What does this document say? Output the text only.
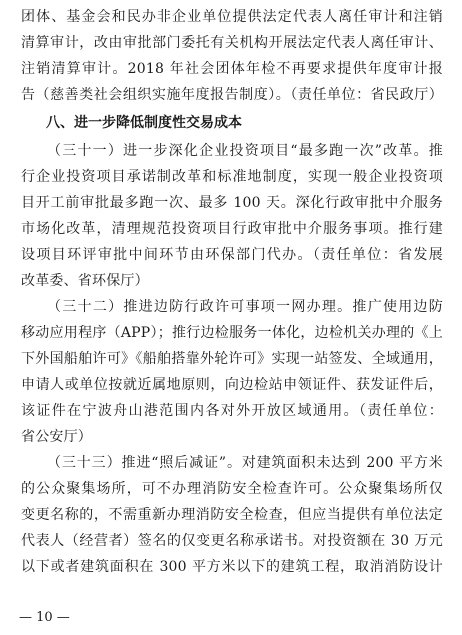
团体、基金会和民办非企业单位提供法定代表人离任审计和注销
清算审计，改由审批部门委托有关机构开展法定代表人离任审计、
注销清算审计。2018 年社会团体年检不再要求提供年度审计报
告（慈善类社会组织实施年度报告制度）。（责任单位：省民政厅）
八、进一步降低制度性交易成本
（三十一）进一步深化企业投资项目“最多跑一次”改革。推
行企业投资项目承诺制改革和标准地制度，实现一般企业投资项
目开工前审批最多跑一次、最多 100 天。深化行政审批中介服务
市场化改革，清理规范投资项目行政审批中介服务事项。推行建
设项目环评审批中间环节由环保部门代办。（责任单位：省发展
改革委、省环保厅）
（三十二）推进边防行政许可事项一网办理。推广使用边防
移动应用程序（APP）；推行边检服务一体化，边检机关办理的《上
下外国船舶许可》《船舶搭靠外轮许可》实现一站签发、全域通用，
申请人或单位按就近属地原则，向边检站申领证件、获发证件后，
该证件在宁波舟山港范围内各对外开放区域通用。（责任单位：
省公安厅）
（三十三）推进“照后减证”。对建筑面积未达到 200 平方米
的公众聚集场所，可不办理消防安全检查许可。公众聚集场所仅
变更名称的，不需重新办理消防安全检查，但应当提供有单位法定
代表人（经营者）签名的仅变更名称承诺书。对投资额在 30 万元
以下或者建筑面积在 300 平方米以下的建筑工程，取消消防设计
— 10 —
